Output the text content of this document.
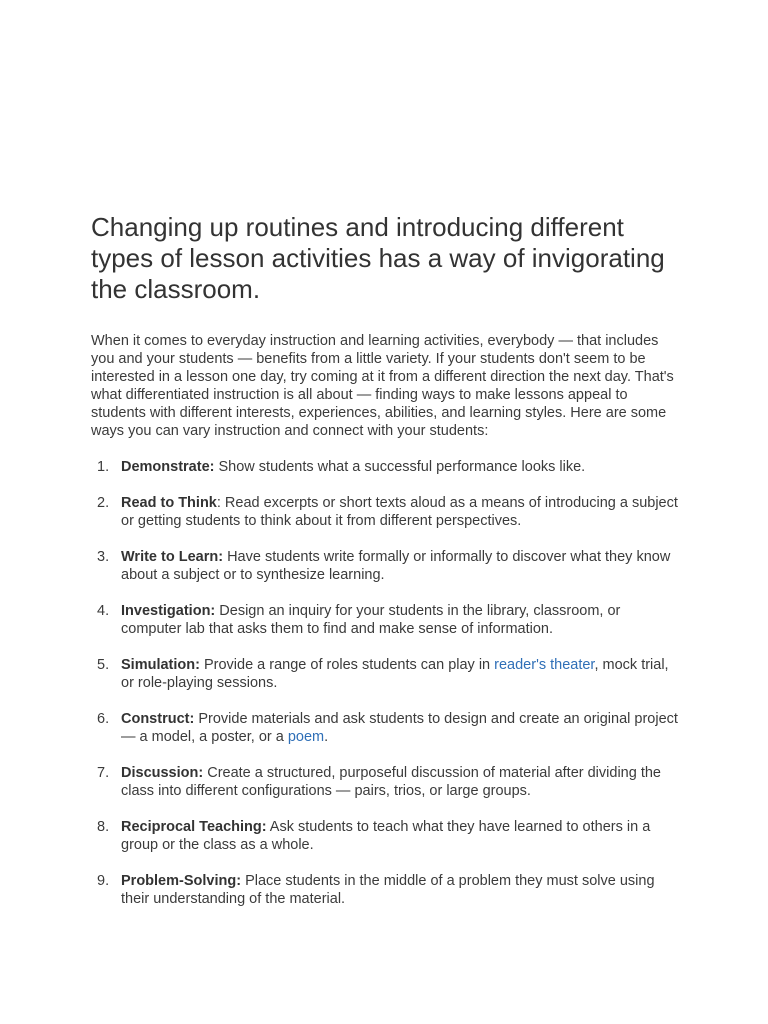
Changing up routines and introducing different types of lesson activities has a way of invigorating the classroom.

When it comes to everyday instruction and learning activities, everybody — that includes you and your students — benefits from a little variety. If your students don't seem to be interested in a lesson one day, try coming at it from a different direction the next day. That's what differentiated instruction is all about — finding ways to make lessons appeal to students with different interests, experiences, abilities, and learning styles. Here are some ways you can vary instruction and connect with your students:

1. Demonstrate: Show students what a successful performance looks like.
2. Read to Think: Read excerpts or short texts aloud as a means of introducing a subject or getting students to think about it from different perspectives.
3. Write to Learn: Have students write formally or informally to discover what they know about a subject or to synthesize learning.
4. Investigation: Design an inquiry for your students in the library, classroom, or computer lab that asks them to find and make sense of information.
5. Simulation: Provide a range of roles students can play in reader's theater, mock trial, or role-playing sessions.
6. Construct: Provide materials and ask students to design and create an original project — a model, a poster, or a poem.
7. Discussion: Create a structured, purposeful discussion of material after dividing the class into different configurations — pairs, trios, or large groups.
8. Reciprocal Teaching: Ask students to teach what they have learned to others in a group or the class as a whole.
9. Problem-Solving: Place students in the middle of a problem they must solve using their understanding of the material.
